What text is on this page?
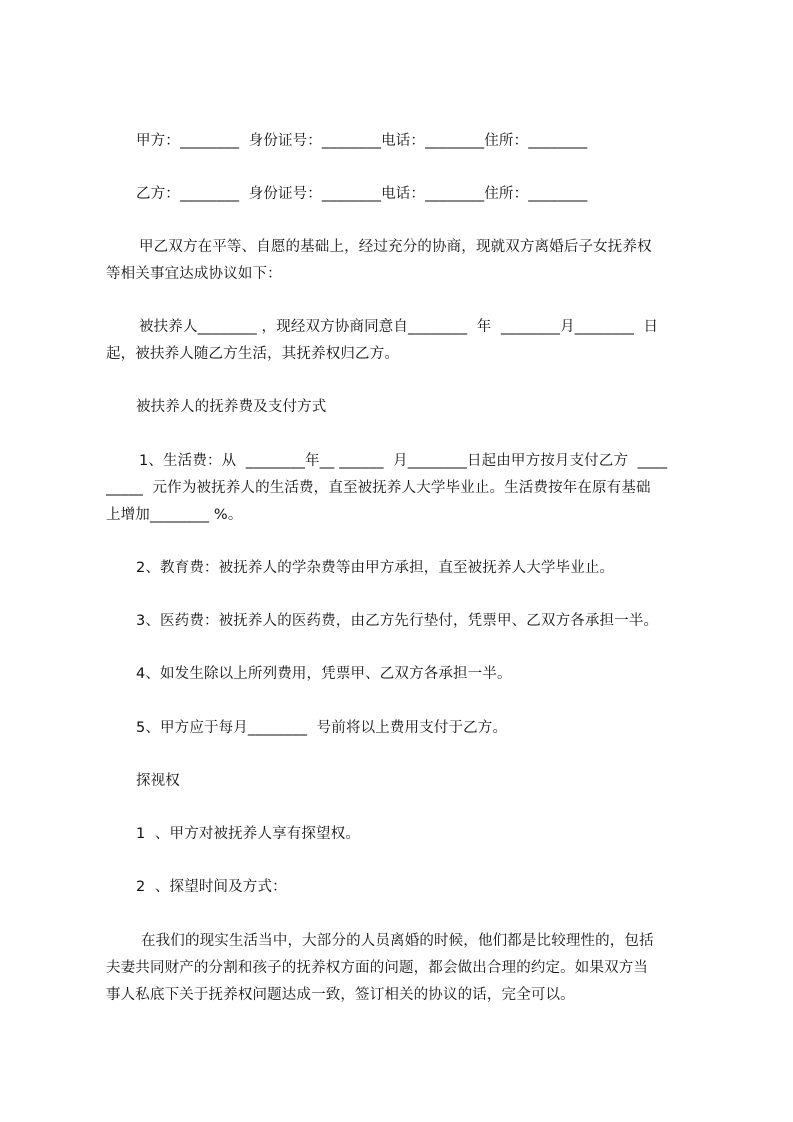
甲方：________  身份证号：________电话：________住所：________
乙方：________  身份证号：________电话：________住所：________
甲乙双方在平等、自愿的基础上，经过充分的协商，现就双方离婚后子女抚养权
等相关事宜达成协议如下：
被扶养人________ ，现经双方协商同意自________  年  ________月________  日
起，被扶养人随乙方生活，其抚养权归乙方。
被扶养人的抚养费及支付方式
1、生活费：从  ________年__ ______  月________日起由甲方按月支付乙方  ____
_____  元作为被抚养人的生活费，直至被抚养人大学毕业止。生活费按年在原有基础
上增加________ %。
2、教育费：被抚养人的学杂费等由甲方承担，直至被抚养人大学毕业止。
3、医药费：被抚养人的医药费，由乙方先行垫付，凭票甲、乙双方各承担一半。
4、如发生除以上所列费用，凭票甲、乙双方各承担一半。
5、甲方应于每月________  号前将以上费用支付于乙方。
探视权
1  、甲方对被抚养人享有探望权。
2  、探望时间及方式：
在我们的现实生活当中，大部分的人员离婚的时候，他们都是比较理性的，包括
夫妻共同财产的分割和孩子的抚养权方面的问题，都会做出合理的约定。如果双方当
事人私底下关于抚养权问题达成一致，签订相关的协议的话，完全可以。
